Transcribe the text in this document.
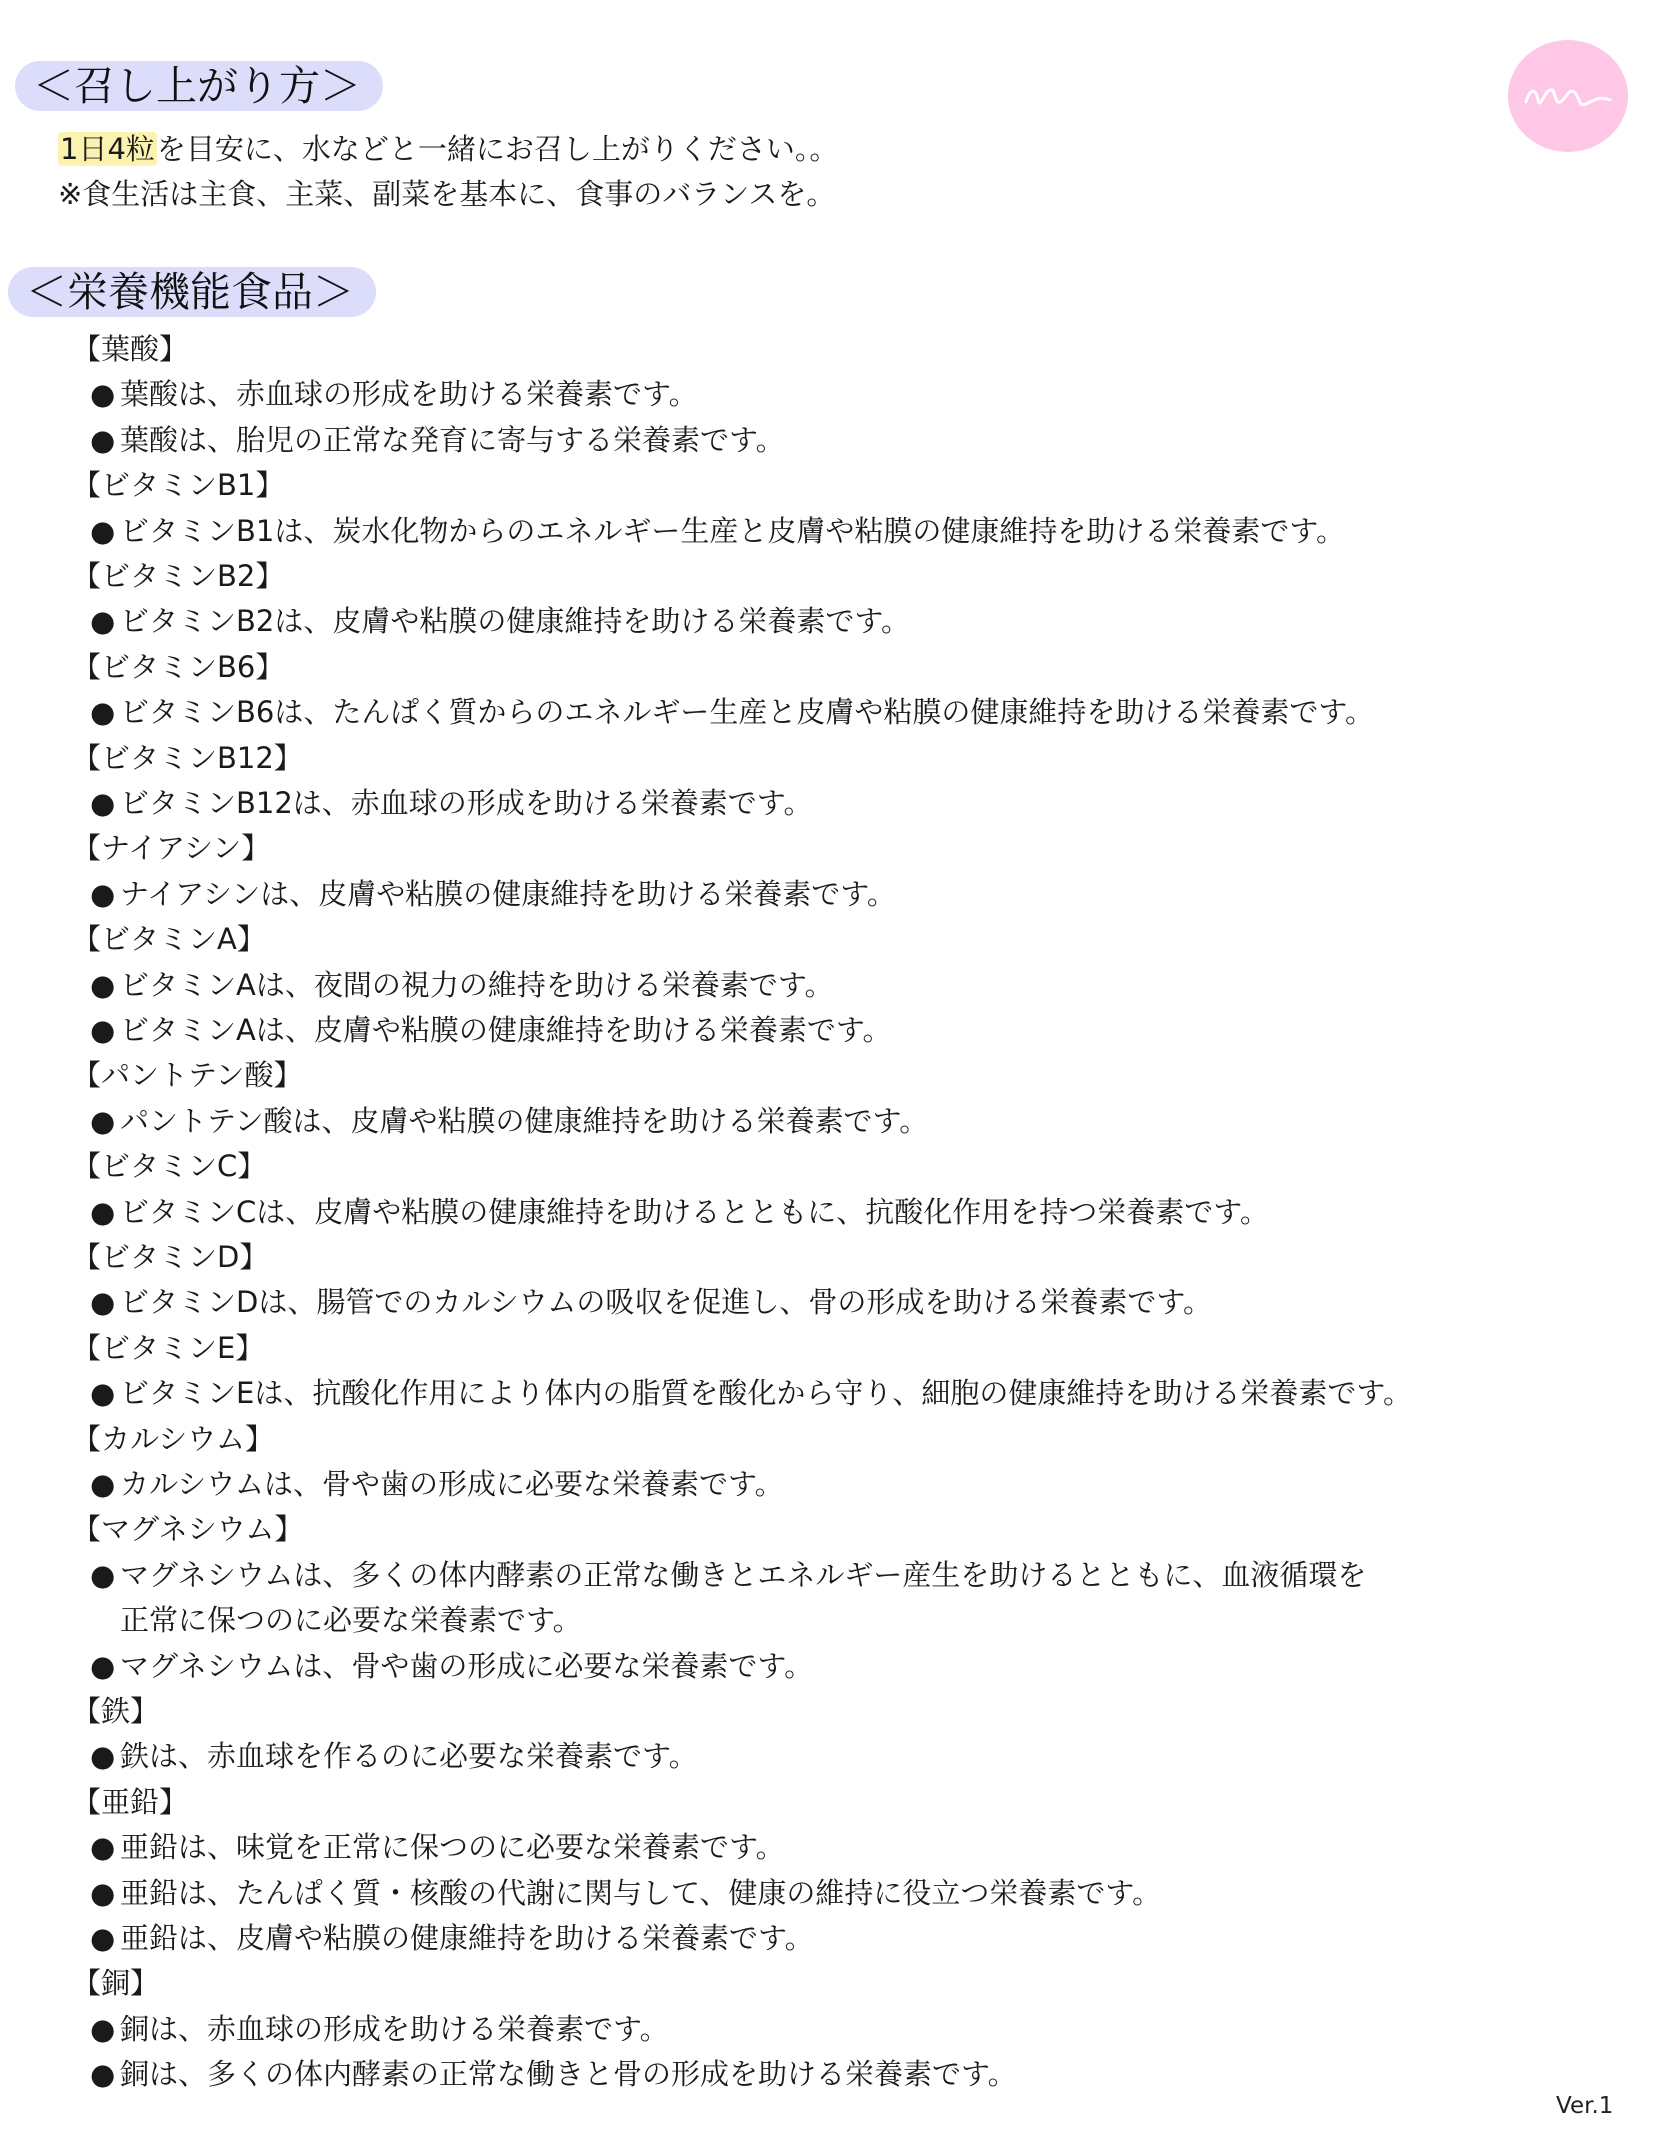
＜召し上がり方＞
1日4粒を目安に、水などと一緒にお召し上がりください。。
※食生活は主食、主菜、副菜を基本に、食事のバランスを。
＜栄養機能食品＞
【葉酸】
● 葉酸は、赤血球の形成を助ける栄養素です。
● 葉酸は、胎児の正常な発育に寄与する栄養素です。
【ビタミンB1】
● ビタミンB1は、炭水化物からのエネルギー生産と皮膚や粘膜の健康維持を助ける栄養素です。
【ビタミンB2】
● ビタミンB2は、皮膚や粘膜の健康維持を助ける栄養素です。
【ビタミンB6】
● ビタミンB6は、たんぱく質からのエネルギー生産と皮膚や粘膜の健康維持を助ける栄養素です。
【ビタミンB12】
● ビタミンB12は、赤血球の形成を助ける栄養素です。
【ナイアシン】
● ナイアシンは、皮膚や粘膜の健康維持を助ける栄養素です。
【ビタミンA】
● ビタミンAは、夜間の視力の維持を助ける栄養素です。
● ビタミンAは、皮膚や粘膜の健康維持を助ける栄養素です。
【パントテン酸】
● パントテン酸は、皮膚や粘膜の健康維持を助ける栄養素です。
【ビタミンC】
● ビタミンCは、皮膚や粘膜の健康維持を助けるとともに、抗酸化作用を持つ栄養素です。
【ビタミンD】
● ビタミンDは、腸管でのカルシウムの吸収を促進し、骨の形成を助ける栄養素です。
【ビタミンE】
● ビタミンEは、抗酸化作用により体内の脂質を酸化から守り、細胞の健康維持を助ける栄養素です。
【カルシウム】
● カルシウムは、骨や歯の形成に必要な栄養素です。
【マグネシウム】
● マグネシウムは、多くの体内酵素の正常な働きとエネルギー産生を助けるとともに、血液循環を
正常に保つのに必要な栄養素です。
● マグネシウムは、骨や歯の形成に必要な栄養素です。
【鉄】
● 鉄は、赤血球を作るのに必要な栄養素です。
【亜鉛】
● 亜鉛は、味覚を正常に保つのに必要な栄養素です。
● 亜鉛は、たんぱく質・核酸の代謝に関与して、健康の維持に役立つ栄養素です。
● 亜鉛は、皮膚や粘膜の健康維持を助ける栄養素です。
【銅】
● 銅は、赤血球の形成を助ける栄養素です。
● 銅は、多くの体内酵素の正常な働きと骨の形成を助ける栄養素です。
Ver.1
